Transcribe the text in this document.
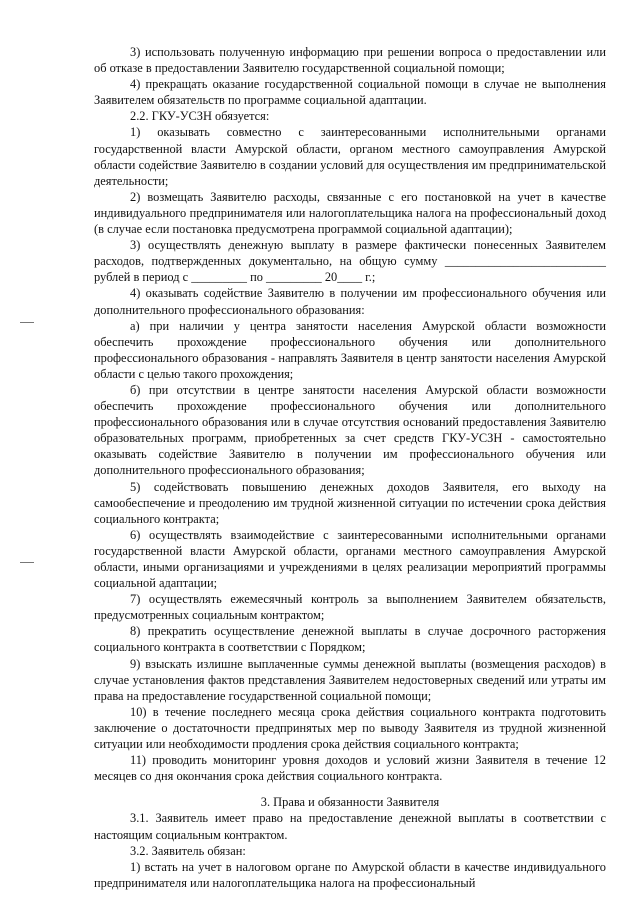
3) использовать полученную информацию при решении вопроса о предоставлении или об отказе в предоставлении Заявителю государственной социальной помощи;

4) прекращать оказание государственной социальной помощи в случае не выполнения Заявителем обязательств по программе социальной адаптации.

2.2. ГКУ-УСЗН обязуется:

1) оказывать совместно с заинтересованными исполнительными органами государственной власти Амурской области, органом местного самоуправления Амурской области содействие Заявителю в создании условий для осуществления им предпринимательской деятельности;

2) возмещать Заявителю расходы, связанные с его постановкой на учет в качестве индивидуального предпринимателя или налогоплательщика налога на профессиональный доход (в случае если постановка предусмотрена программой социальной адаптации);

3) осуществлять денежную выплату в размере фактически понесенных Заявителем расходов, подтвержденных документально, на общую сумму __________________________ рублей в период с _________ по _________ 20____ г.;

4) оказывать содействие Заявителю в получении им профессионального обучения или дополнительного профессионального образования:

а) при наличии у центра занятости населения Амурской области возможности обеспечить прохождение профессионального обучения или дополнительного профессионального образования - направлять Заявителя в центр занятости населения Амурской области с целью такого прохождения;

б) при отсутствии в центре занятости населения Амурской области возможности обеспечить прохождение профессионального обучения или дополнительного профессионального образования или в случае отсутствия оснований предоставления Заявителю образовательных программ, приобретенных за счет средств ГКУ-УСЗН - самостоятельно оказывать содействие Заявителю в получении им профессионального обучения или дополнительного профессионального образования;

5) содействовать повышению денежных доходов Заявителя, его выходу на самообеспечение и преодолению им трудной жизненной ситуации по истечении срока действия социального контракта;

6) осуществлять взаимодействие с заинтересованными исполнительными органами государственной власти Амурской области, органами местного самоуправления Амурской области, иными организациями и учреждениями в целях реализации мероприятий программы социальной адаптации;

7) осуществлять ежемесячный контроль за выполнением Заявителем обязательств, предусмотренных социальным контрактом;

8) прекратить осуществление денежной выплаты в случае досрочного расторжения социального контракта в соответствии с Порядком;

9) взыскать излишне выплаченные суммы денежной выплаты (возмещения расходов) в случае установления фактов представления Заявителем недостоверных сведений или утраты им права на предоставление государственной социальной помощи;

10) в течение последнего месяца срока действия социального контракта подготовить заключение о достаточности предпринятых мер по выводу Заявителя из трудной жизненной ситуации или необходимости продления срока действия социального контракта;

11) проводить мониторинг уровня доходов и условий жизни Заявителя в течение 12 месяцев со дня окончания срока действия социального контракта.

3. Права и обязанности Заявителя

3.1. Заявитель имеет право на предоставление денежной выплаты в соответствии с настоящим социальным контрактом.

3.2. Заявитель обязан:

1) встать на учет в налоговом органе по Амурской области в качестве индивидуального предпринимателя или налогоплательщика налога на профессиональный
